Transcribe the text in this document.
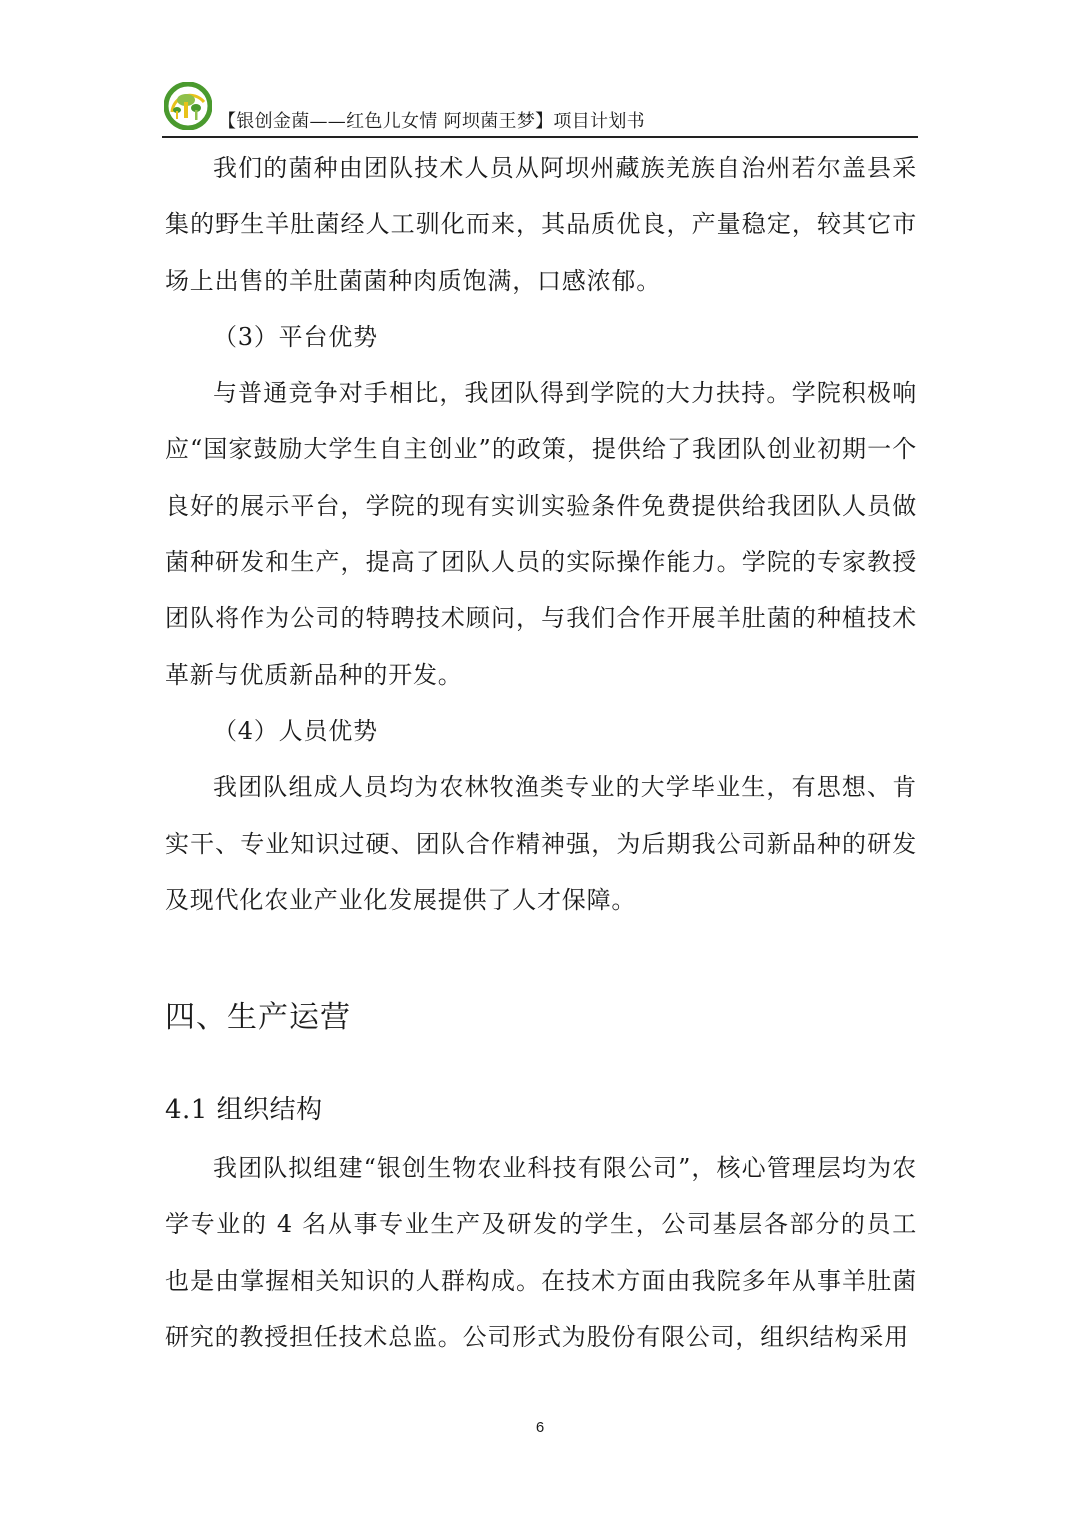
【银创金菌——红色儿女情 阿坝菌王梦】项目计划书

我们的菌种由团队技术人员从阿坝州藏族羌族自治州若尔盖县采集的野生羊肚菌经人工驯化而来，其品质优良，产量稳定，较其它市场上出售的羊肚菌菌种肉质饱满，口感浓郁。

（3）平台优势

与普通竞争对手相比，我团队得到学院的大力扶持。学院积极响应“国家鼓励大学生自主创业”的政策，提供给了我团队创业初期一个良好的展示平台，学院的现有实训实验条件免费提供给我团队人员做菌种研发和生产，提高了团队人员的实际操作能力。学院的专家教授团队将作为公司的特聘技术顾问，与我们合作开展羊肚菌的种植技术革新与优质新品种的开发。

（4）人员优势

我团队组成人员均为农林牧渔类专业的大学毕业生，有思想、肯实干、专业知识过硬、团队合作精神强，为后期我公司新品种的研发及现代化农业产业化发展提供了人才保障。

四、生产运营
4.1 组织结构

我团队拟组建“银创生物农业科技有限公司”，核心管理层均为农学专业的 4 名从事专业生产及研发的学生，公司基层各部分的员工也是由掌握相关知识的人群构成。在技术方面由我院多年从事羊肚菌研究的教授担任技术总监。公司形式为股份有限公司，组织结构采用

6
